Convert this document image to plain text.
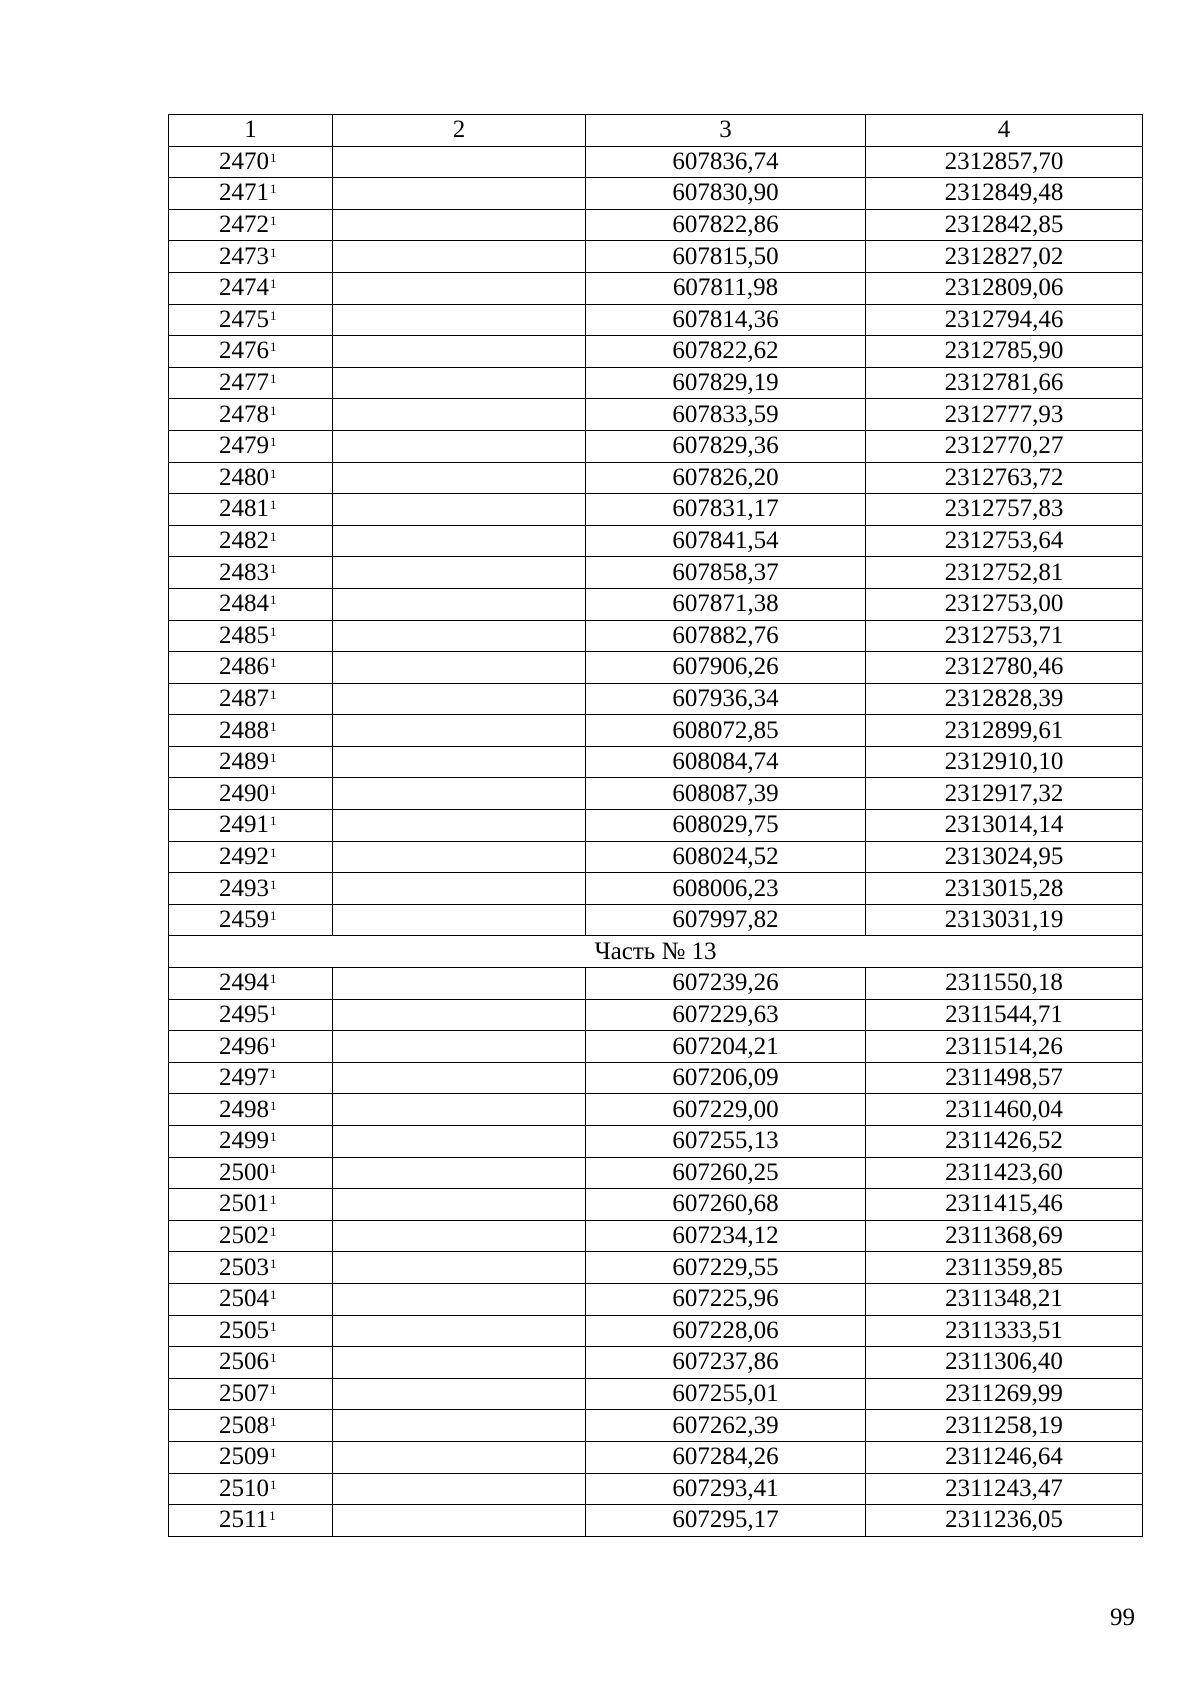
1	2	3	4
2470$^1$		607836,74	2312857,70
2471$^1$		607830,90	2312849,48
2472$^1$		607822,86	2312842,85
2473$^1$		607815,50	2312827,02
2474$^1$		607811,98	2312809,06
2475$^1$		607814,36	2312794,46
2476$^1$		607822,62	2312785,90
2477$^1$		607829,19	2312781,66
2478$^1$		607833,59	2312777,93
2479$^1$		607829,36	2312770,27
2480$^1$		607826,20	2312763,72
2481$^1$		607831,17	2312757,83
2482$^1$		607841,54	2312753,64
2483$^1$		607858,37	2312752,81
2484$^1$		607871,38	2312753,00
2485$^1$		607882,76	2312753,71
2486$^1$		607906,26	2312780,46
2487$^1$		607936,34	2312828,39
2488$^1$		608072,85	2312899,61
2489$^1$		608084,74	2312910,10
2490$^1$		608087,39	2312917,32
2491$^1$		608029,75	2313014,14
2492$^1$		608024,52	2313024,95
2493$^1$		608006,23	2313015,28
2459$^1$		607997,82	2313031,19
Часть № 13			
2494$^1$		607239,26	2311550,18
2495$^1$		607229,63	2311544,71
2496$^1$		607204,21	2311514,26
2497$^1$		607206,09	2311498,57
2498$^1$		607229,00	2311460,04
2499$^1$		607255,13	2311426,52
2500$^1$		607260,25	2311423,60
2501$^1$		607260,68	2311415,46
2502$^1$		607234,12	2311368,69
2503$^1$		607229,55	2311359,85
2504$^1$		607225,96	2311348,21
2505$^1$		607228,06	2311333,51
2506$^1$		607237,86	2311306,40
2507$^1$		607255,01	2311269,99
2508$^1$		607262,39	2311258,19
2509$^1$		607284,26	2311246,64
2510$^1$		607293,41	2311243,47
2511$^1$		607295,17	2311236,05
99
